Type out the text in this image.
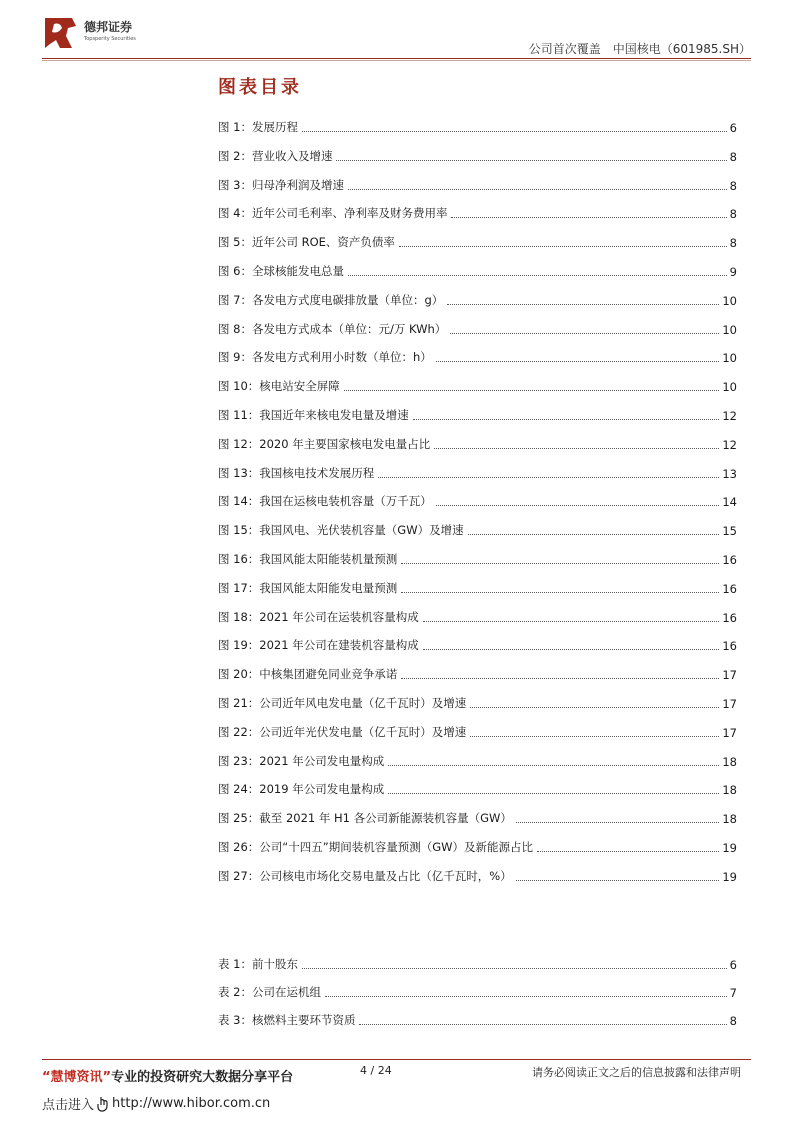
德邦证券
Topsperity Securities
公司首次覆盖　中国核电（601985.SH）
图表目录
图 1：发展历程	6
图 2：营业收入及增速	8
图 3：归母净利润及增速	8
图 4：近年公司毛利率、净利率及财务费用率	8
图 5：近年公司 ROE、资产负债率	8
图 6：全球核能发电总量	9
图 7：各发电方式度电碳排放量（单位：g）	10
图 8：各发电方式成本（单位：元/万 KWh）	10
图 9：各发电方式利用小时数（单位：h）	10
图 10：核电站安全屏障	10
图 11：我国近年来核电发电量及增速	12
图 12：2020 年主要国家核电发电量占比	12
图 13：我国核电技术发展历程	13
图 14：我国在运核电装机容量（万千瓦）	14
图 15：我国风电、光伏装机容量（GW）及增速	15
图 16：我国风能太阳能装机量预测	16
图 17：我国风能太阳能发电量预测	16
图 18：2021 年公司在运装机容量构成	16
图 19：2021 年公司在建装机容量构成	16
图 20：中核集团避免同业竞争承诺	17
图 21：公司近年风电发电量（亿千瓦时）及增速	17
图 22：公司近年光伏发电量（亿千瓦时）及增速	17
图 23：2021 年公司发电量构成	18
图 24：2019 年公司发电量构成	18
图 25：截至 2021 年 H1 各公司新能源装机容量（GW）	18
图 26：公司“十四五”期间装机容量预测（GW）及新能源占比	19
图 27：公司核电市场化交易电量及占比（亿千瓦时，%）	19
表 1：前十股东	6
表 2：公司在运机组	7
表 3：核燃料主要环节资质	8
“慧博资讯”专业的投资研究大数据分享平台	4 / 24	请务必阅读正文之后的信息披露和法律声明
点击进入 http://www.hibor.com.cn
